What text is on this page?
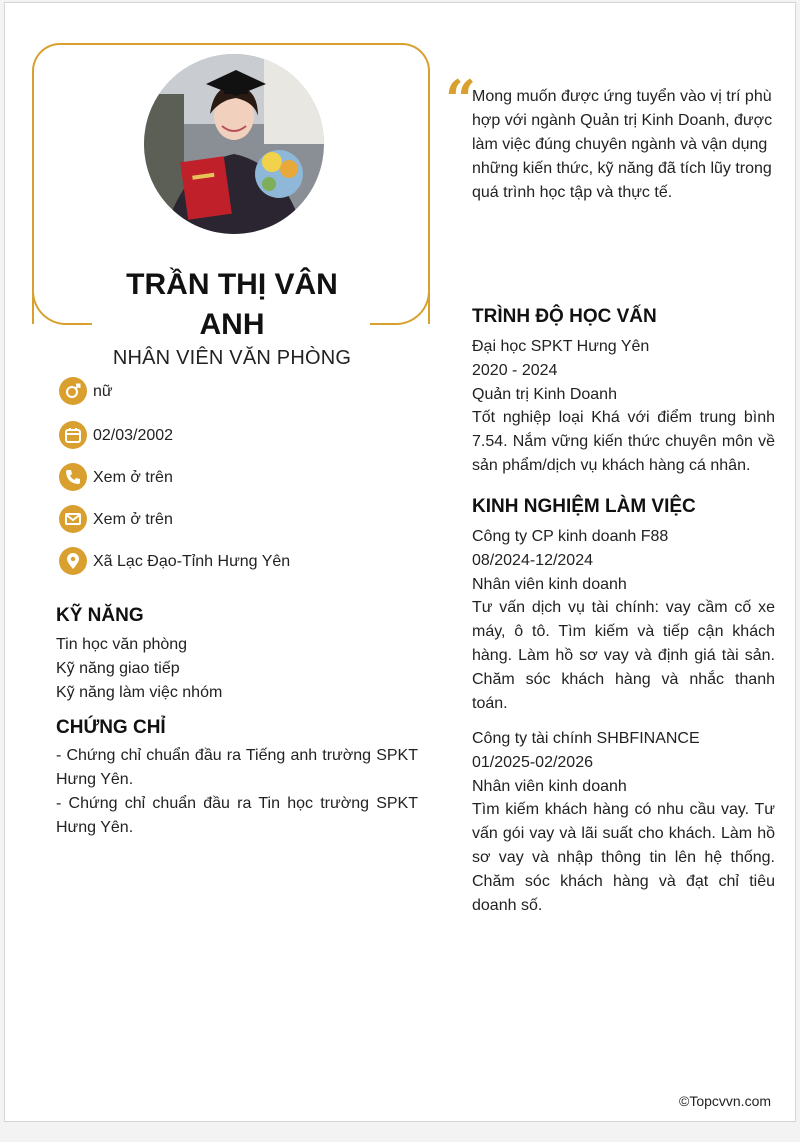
TRẦN THỊ VÂN ANH
NHÂN VIÊN VĂN PHÒNG
nữ
02/03/2002
Xem ở trên
Xem ở trên
Xã Lạc Đạo-Tỉnh Hưng Yên
KỸ NĂNG
Tin học văn phòng
Kỹ năng giao tiếp
Kỹ năng làm việc nhóm
CHỨNG CHỈ

- Chứng chỉ chuẩn đầu ra Tiếng anh trường SPKT Hưng Yên.

- Chứng chỉ chuẩn đầu ra Tin học trường SPKT Hưng Yên.

“

Mong muốn được ứng tuyển vào vị trí phù hợp với ngành Quản trị Kinh Doanh, được làm việc đúng chuyên ngành và vận dụng những kiến thức, kỹ năng đã tích lũy trong quá trình học tập và thực tế.

TRÌNH ĐỘ HỌC VẤN
Đại học SPKT Hưng Yên
2020 - 2024
Quản trị Kinh Doanh

Tốt nghiệp loại Khá với điểm trung bình 7.54. Nắm vững kiến thức chuyên môn về sản phẩm/dịch vụ khách hàng cá nhân.

KINH NGHIỆM LÀM VIỆC
Công ty CP kinh doanh F88
08/2024-12/2024
Nhân viên kinh doanh

Tư vấn dịch vụ tài chính: vay cầm cố xe máy, ô tô. Tìm kiếm và tiếp cận khách hàng. Làm hồ sơ vay và định giá tài sản. Chăm sóc khách hàng và nhắc thanh toán.

Công ty tài chính SHBFINANCE
01/2025-02/2026
Nhân viên kinh doanh

Tìm kiếm khách hàng có nhu cầu vay. Tư vấn gói vay và lãi suất cho khách. Làm hồ sơ vay và nhập thông tin lên hệ thống. Chăm sóc khách hàng và đạt chỉ tiêu doanh số.

©Topcvvn.com
